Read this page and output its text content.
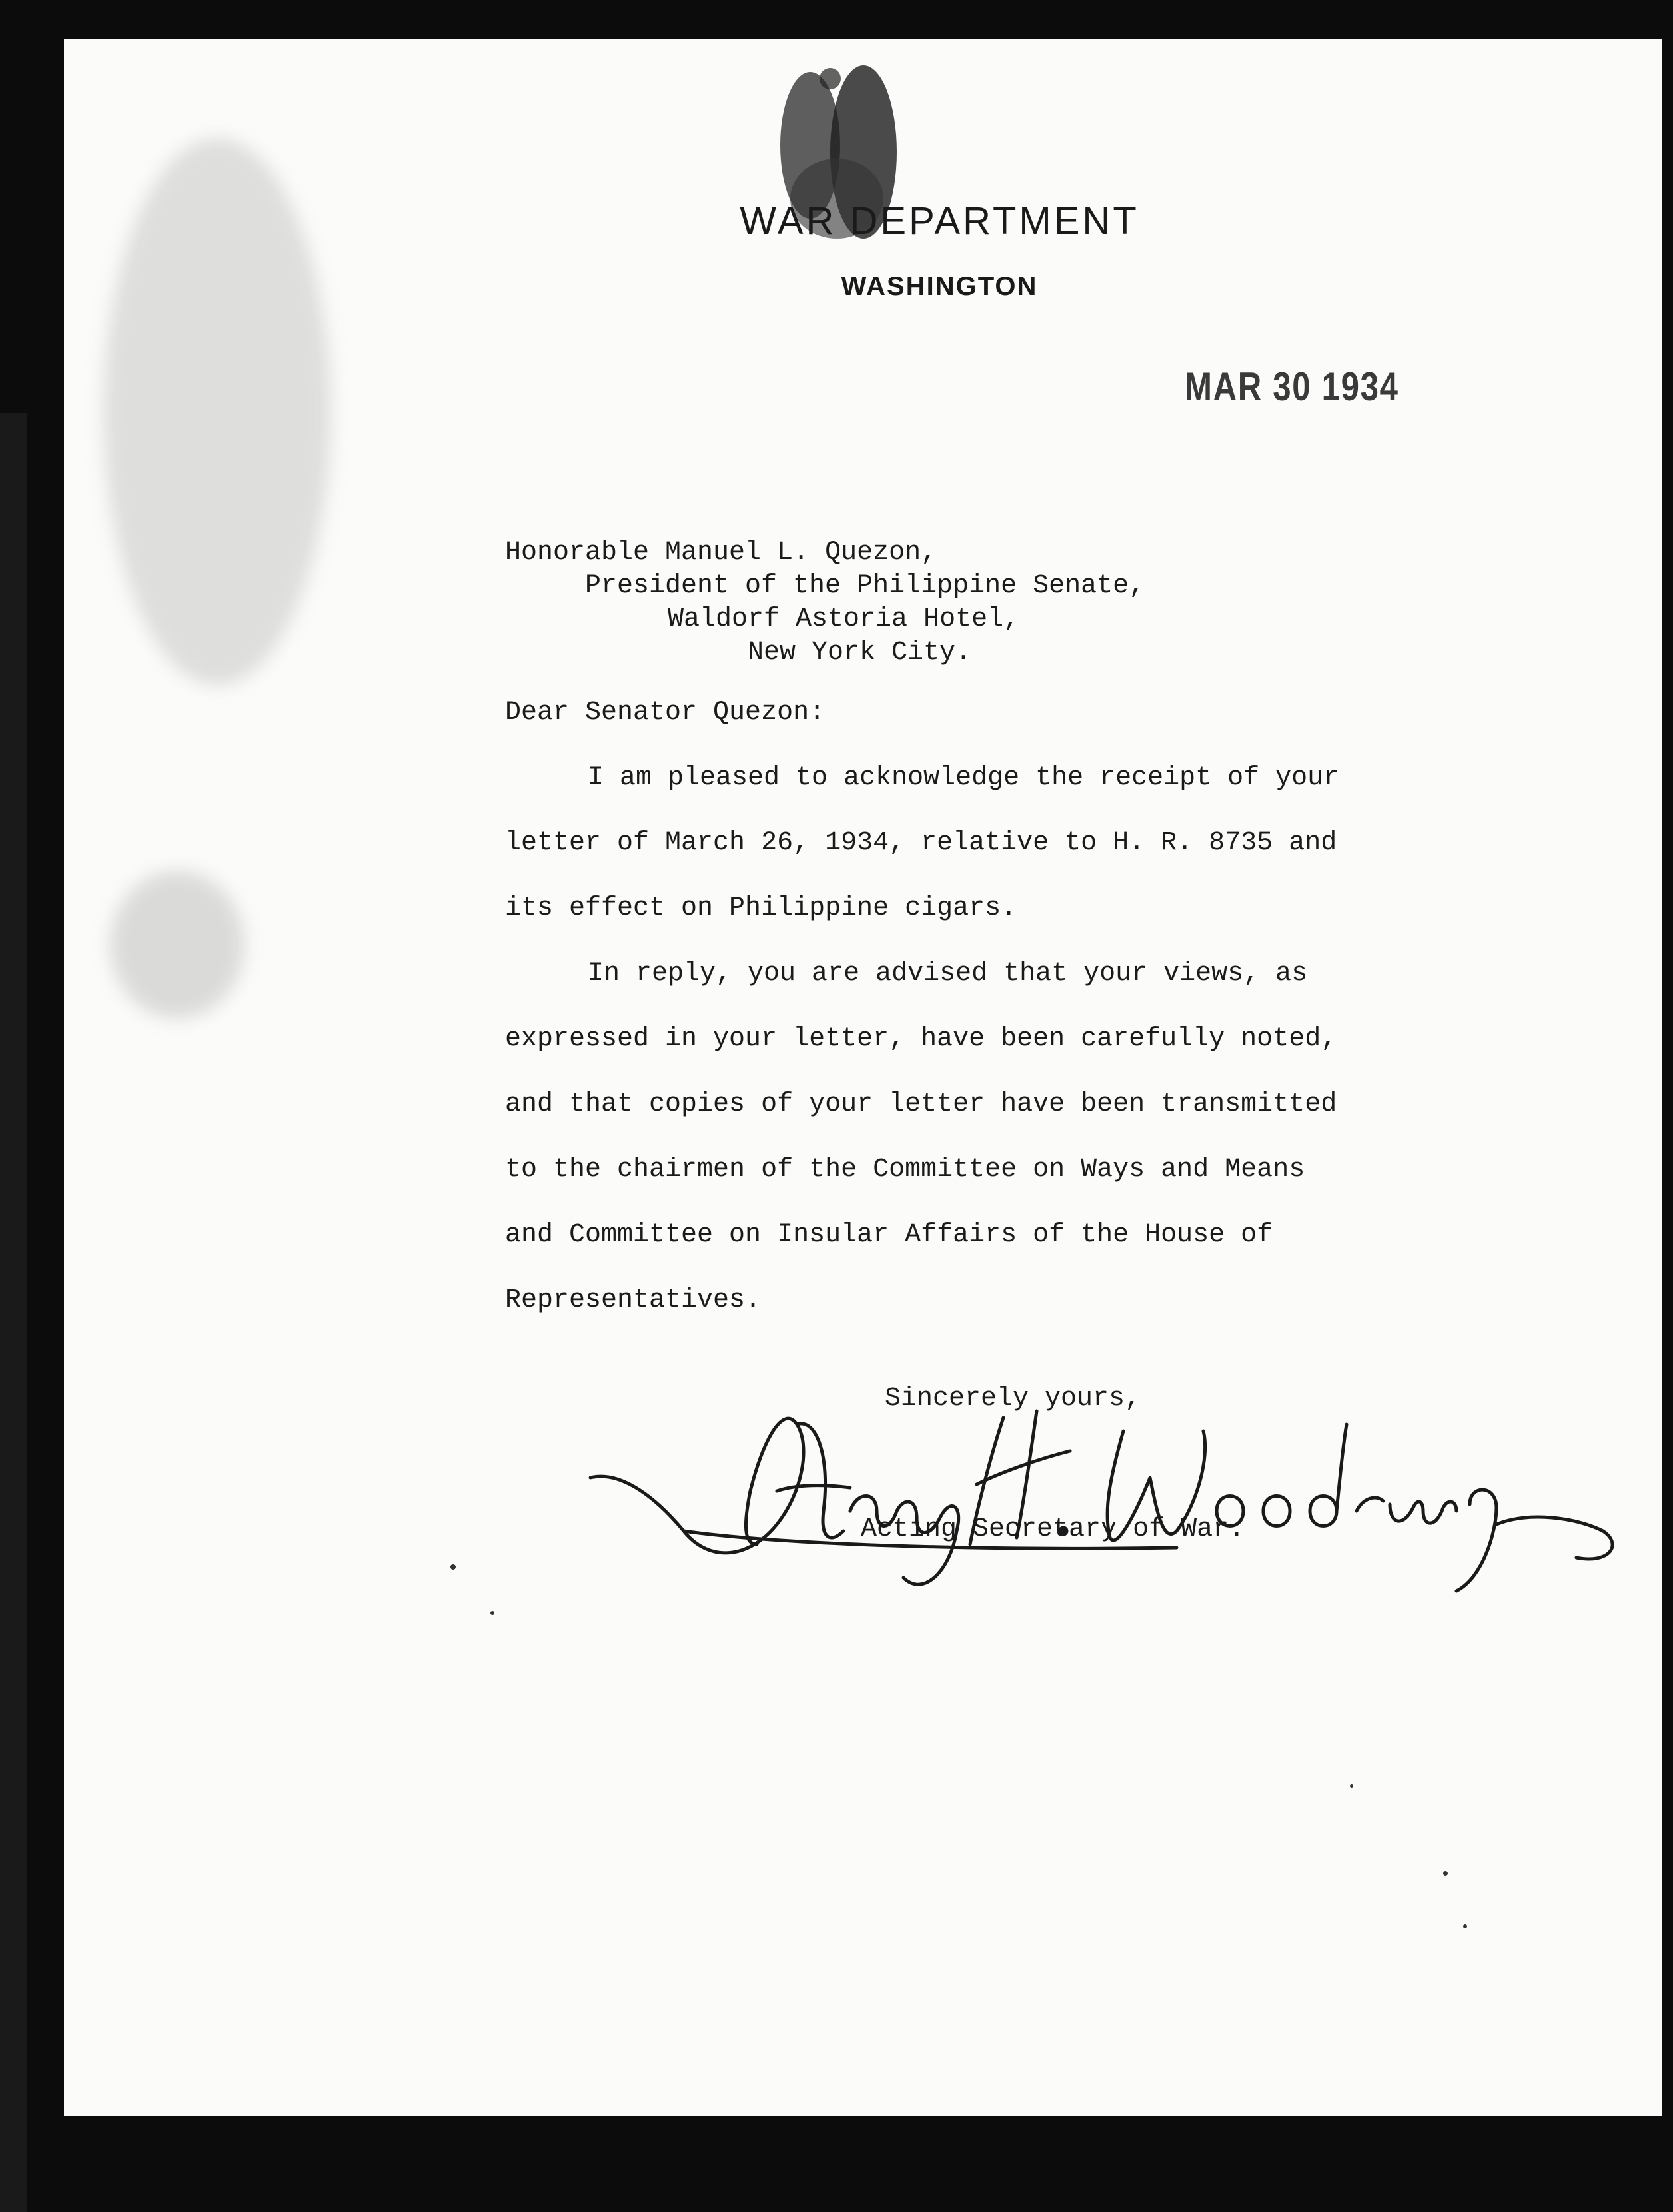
WAR DEPARTMENT
WASHINGTON
MAR 30 1934
Honorable Manuel L. Quezon,
President of the Philippine Senate,
Waldorf Astoria Hotel,
New York City.
Dear Senator Quezon:
I am pleased to acknowledge the receipt of your
letter of March 26, 1934, relative to H. R. 8735 and
its effect on Philippine cigars.
In reply, you are advised that your views, as
expressed in your letter, have been carefully noted,
and that copies of your letter have been transmitted
to the chairmen of the Committee on Ways and Means
and Committee on Insular Affairs of the House of
Representatives.
Sincerely yours,
Acting Secretary of War.
